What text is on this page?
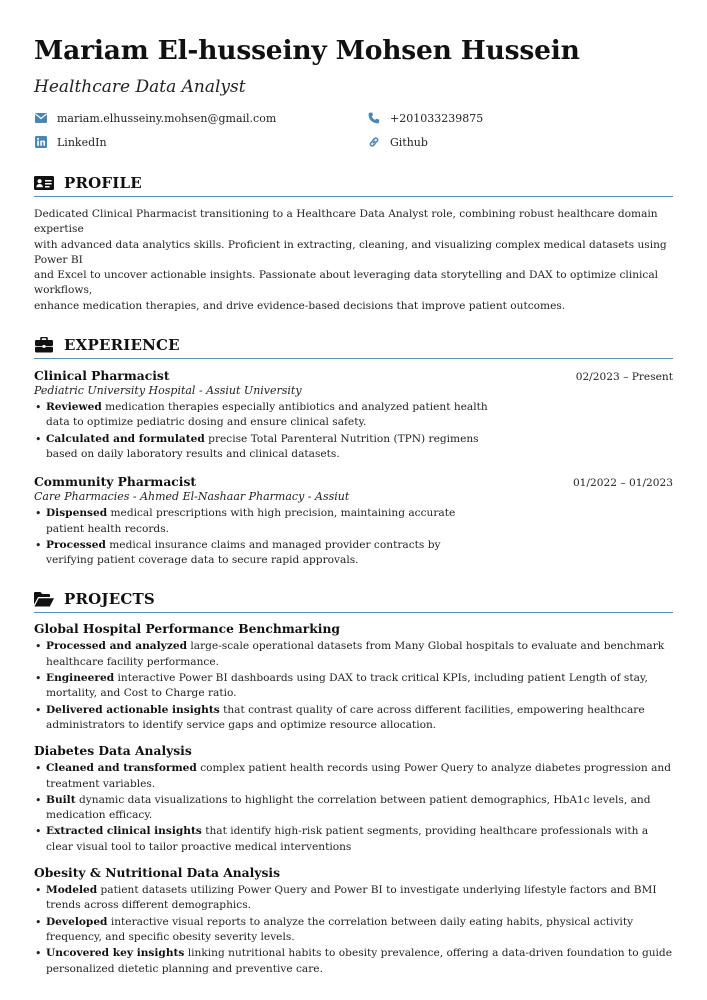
Mariam El-husseiny Mohsen Hussein
Healthcare Data Analyst
mariam.elhusseiny.mohsen@gmail.com	+201033239875
LinkedIn	Github
PROFILE
Dedicated Clinical Pharmacist transitioning to a Healthcare Data Analyst role, combining robust healthcare domain expertise
with advanced data analytics skills. Proficient in extracting, cleaning, and visualizing complex medical datasets using Power BI
and Excel to uncover actionable insights. Passionate about leveraging data storytelling and DAX to optimize clinical workflows,
enhance medication therapies, and drive evidence-based decisions that improve patient outcomes.
EXPERIENCE
Clinical Pharmacist	02/2023 – Present
Pediatric University Hospital - Assiut University
• Reviewed medication therapies especially antibiotics and analyzed patient health data to optimize pediatric dosing and ensure clinical safety.
• Calculated and formulated precise Total Parenteral Nutrition (TPN) regimens based on daily laboratory results and clinical datasets.
Community Pharmacist	01/2022 – 01/2023
Care Pharmacies - Ahmed El-Nashaar Pharmacy - Assiut
• Dispensed medical prescriptions with high precision, maintaining accurate patient health records.
• Processed medical insurance claims and managed provider contracts by verifying patient coverage data to secure rapid approvals.
PROJECTS
Global Hospital Performance Benchmarking
• Processed and analyzed large-scale operational datasets from Many Global hospitals to evaluate and benchmark healthcare facility performance.
• Engineered interactive Power BI dashboards using DAX to track critical KPIs, including patient Length of stay, mortality, and Cost to Charge ratio.
• Delivered actionable insights that contrast quality of care across different facilities, empowering healthcare administrators to identify service gaps and optimize resource allocation.
Diabetes Data Analysis
• Cleaned and transformed complex patient health records using Power Query to analyze diabetes progression and treatment variables.
• Built dynamic data visualizations to highlight the correlation between patient demographics, HbA1c levels, and medication efficacy.
• Extracted clinical insights that identify high-risk patient segments, providing healthcare professionals with a clear visual tool to tailor proactive medical interventions
Obesity & Nutritional Data Analysis
• Modeled patient datasets utilizing Power Query and Power BI to investigate underlying lifestyle factors and BMI trends across different demographics.
• Developed interactive visual reports to analyze the correlation between daily eating habits, physical activity frequency, and specific obesity severity levels.
• Uncovered key insights linking nutritional habits to obesity prevalence, offering a data-driven foundation to guide personalized dietetic planning and preventive care.
